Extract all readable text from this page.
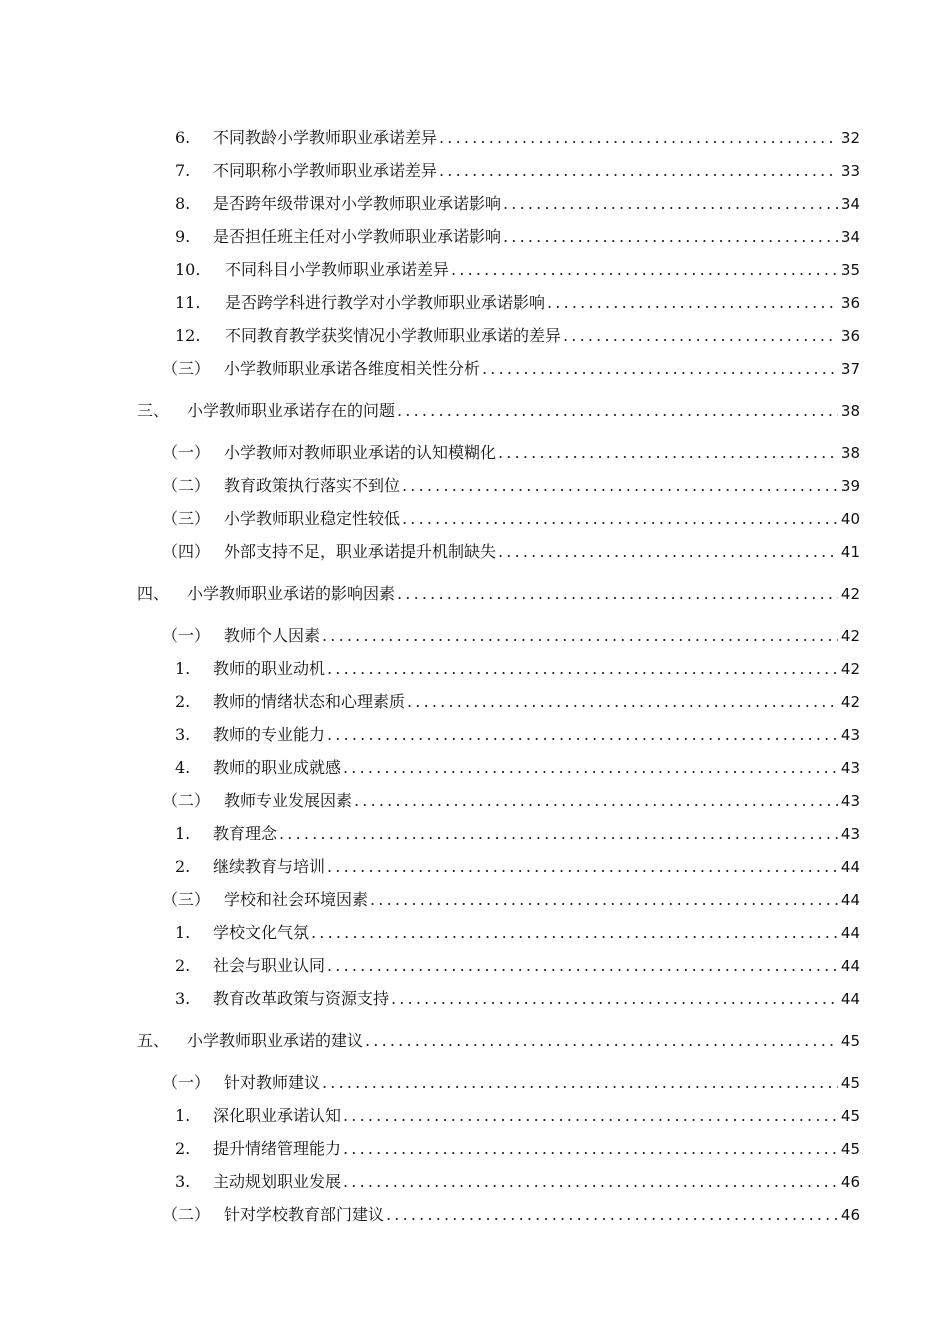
6.	不同教龄小学教师职业承诺差异 .....	32
7.	不同职称小学教师职业承诺差异 .....	33
8.	是否跨年级带课对小学教师职业承诺影响 .....	34
9.	是否担任班主任对小学教师职业承诺影响 .....	34
10.	不同科目小学教师职业承诺差异 .....	35
11.	是否跨学科进行教学对小学教师职业承诺影响 .....	36
12.	不同教育教学获奖情况小学教师职业承诺的差异 .....	36
（三） 小学教师职业承诺各维度相关性分析 .....	37
三、	小学教师职业承诺存在的问题 .....	38
（一） 小学教师对教师职业承诺的认知模糊化 .....	38
（二） 教育政策执行落实不到位 .....	39
（三） 小学教师职业稳定性较低 .....	40
（四） 外部支持不足，职业承诺提升机制缺失 .....	41
四、	小学教师职业承诺的影响因素 .....	42
（一） 教师个人因素 .....	42
1.	教师的职业动机 .....	42
2.	教师的情绪状态和心理素质 .....	42
3.	教师的专业能力 .....	43
4.	教师的职业成就感 .....	43
（二） 教师专业发展因素 .....	43
1.	教育理念 .....	43
2.	继续教育与培训 .....	44
（三） 学校和社会环境因素 .....	44
1.	学校文化气氛 .....	44
2.	社会与职业认同 .....	44
3.	教育改革政策与资源支持 .....	44
五、	小学教师职业承诺的建议 .....	45
（一） 针对教师建议 .....	45
1.	深化职业承诺认知 .....	45
2.	提升情绪管理能力 .....	45
3.	主动规划职业发展 .....	46
（二） 针对学校教育部门建议 .....	46
